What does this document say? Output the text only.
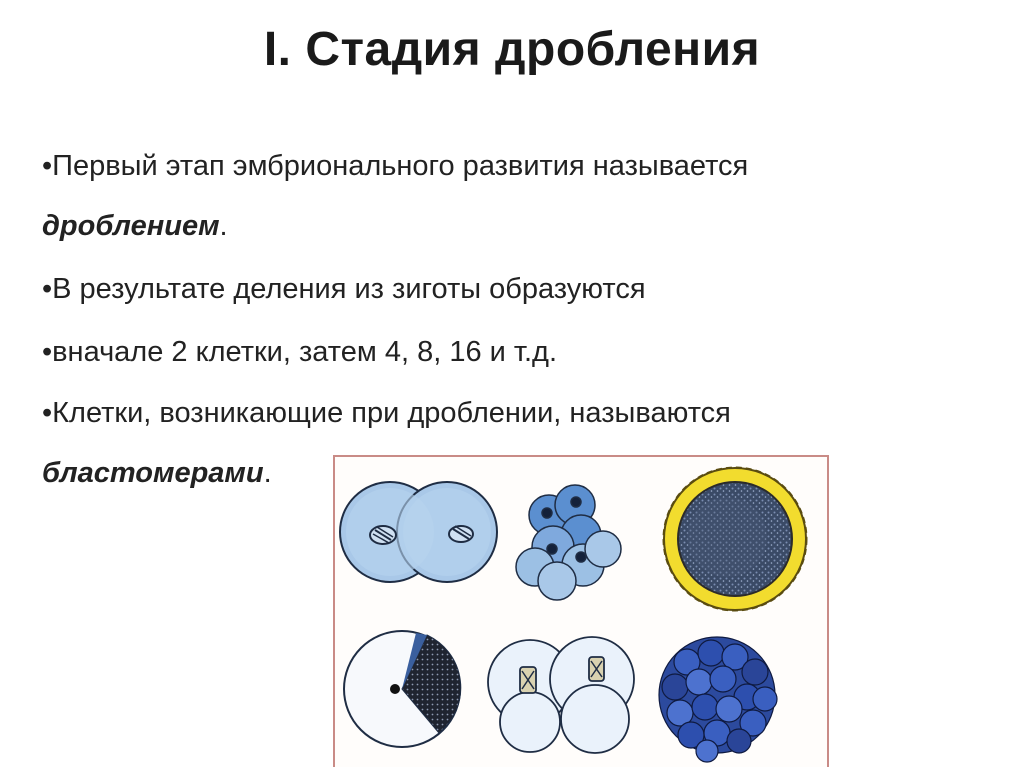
I. Стадия дробления
•Первый этап эмбрионального развития называется
дроблением.
•В результате деления из зиготы образуются
•вначале 2 клетки, затем 4, 8, 16 и т.д.
•Клетки, возникающие при дроблении, называются
бластомерами.
